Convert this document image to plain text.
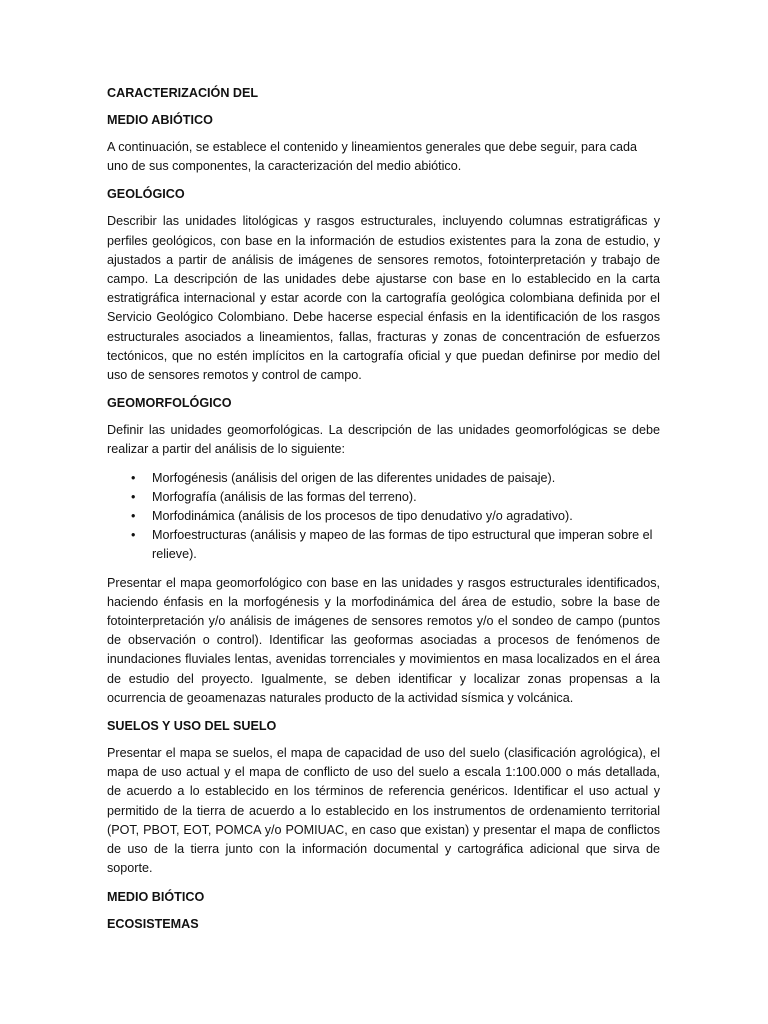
CARACTERIZACIÓN DEL
MEDIO ABIÓTICO

A continuación, se establece el contenido y lineamientos generales que debe seguir, para cada uno de sus componentes, la caracterización del medio abiótico.

GEOLÓGICO

Describir las unidades litológicas y rasgos estructurales, incluyendo columnas estratigráficas y perfiles geológicos, con base en la información de estudios existentes para la zona de estudio, y ajustados a partir de análisis de imágenes de sensores remotos, fotointerpretación y trabajo de campo. La descripción de las unidades debe ajustarse con base en lo establecido en la carta estratigráfica internacional y estar acorde con la cartografía geológica colombiana definida por el Servicio Geológico Colombiano. Debe hacerse especial énfasis en la identificación de los rasgos estructurales asociados a lineamientos, fallas, fracturas y zonas de concentración de esfuerzos tectónicos, que no estén implícitos en la cartografía oficial y que puedan definirse por medio del uso de sensores remotos y control de campo.

GEOMORFOLÓGICO

Definir las unidades geomorfológicas. La descripción de las unidades geomorfológicas se debe realizar a partir del análisis de lo siguiente:

• Morfogénesis (análisis del origen de las diferentes unidades de paisaje).
• Morfografía (análisis de las formas del terreno).
• Morfodinámica (análisis de los procesos de tipo denudativo y/o agradativo).
• Morfoestructuras (análisis y mapeo de las formas de tipo estructural que imperan sobre el relieve).

Presentar el mapa geomorfológico con base en las unidades y rasgos estructurales identificados, haciendo énfasis en la morfogénesis y la morfodinámica del área de estudio, sobre la base de fotointerpretación y/o análisis de imágenes de sensores remotos y/o el sondeo de campo (puntos de observación o control). Identificar las geoformas asociadas a procesos de fenómenos de inundaciones fluviales lentas, avenidas torrenciales y movimientos en masa localizados en el área de estudio del proyecto. Igualmente, se deben identificar y localizar zonas propensas a la ocurrencia de geoamenazas naturales producto de la actividad sísmica y volcánica.

SUELOS Y USO DEL SUELO

Presentar el mapa se suelos, el mapa de capacidad de uso del suelo (clasificación agrológica), el mapa de uso actual y el mapa de conflicto de uso del suelo a escala 1:100.000 o más detallada, de acuerdo a lo establecido en los términos de referencia genéricos. Identificar el uso actual y permitido de la tierra de acuerdo a lo establecido en los instrumentos de ordenamiento territorial (POT, PBOT, EOT, POMCA y/o POMIUAC, en caso que existan) y presentar el mapa de conflictos de uso de la tierra junto con la información documental y cartográfica adicional que sirva de soporte.

MEDIO BIÓTICO
ECOSISTEMAS
